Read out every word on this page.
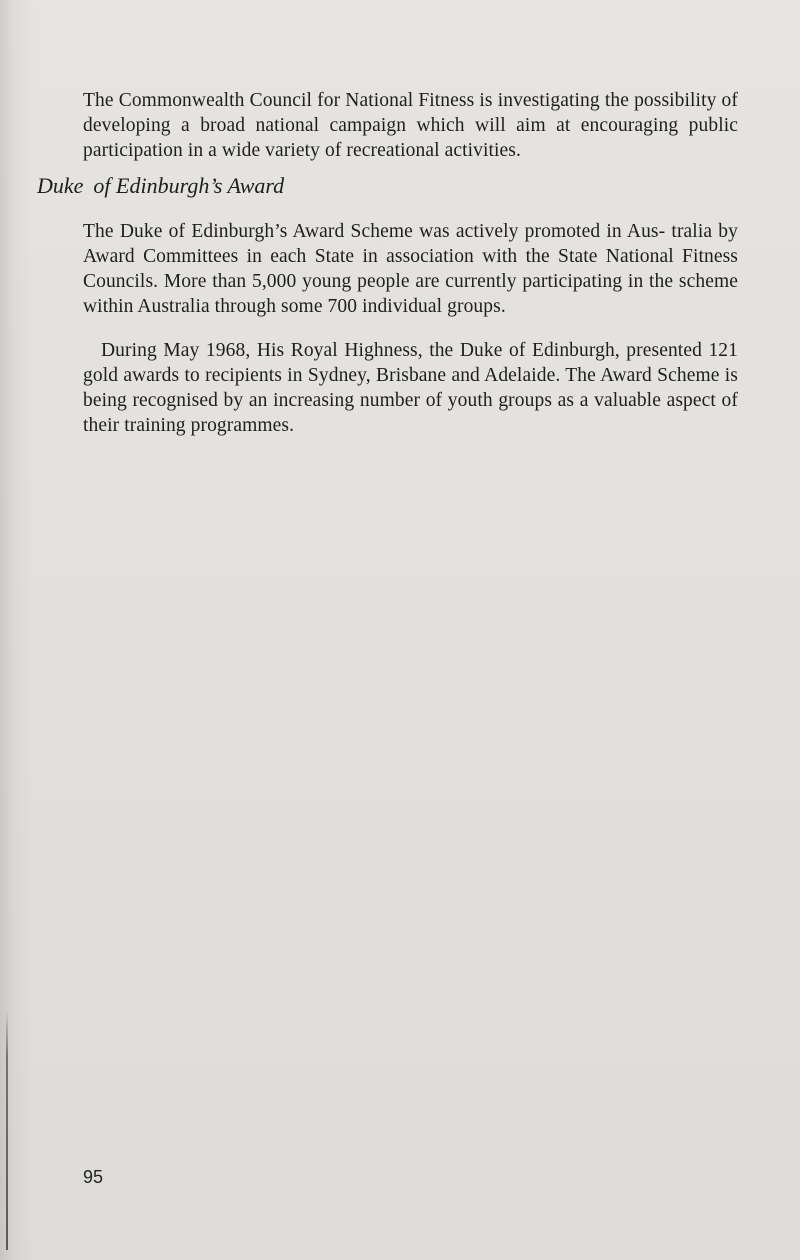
The Commonwealth Council for National Fitness is investigating the possibility of developing a broad national campaign which will aim at encouraging public participation in a wide variety of recreational activities.

Duke of Edinburgh’s Award

The Duke of Edinburgh’s Award Scheme was actively promoted in Aus- tralia by Award Committees in each State in association with the State National Fitness Councils. More than 5,000 young people are currently participating in the scheme within Australia through some 700 individual groups.

During May 1968, His Royal Highness, the Duke of Edinburgh, presented 121 gold awards to recipients in Sydney, Brisbane and Adelaide. The Award Scheme is being recognised by an increasing number of youth groups as a valuable aspect of their training programmes.

95
